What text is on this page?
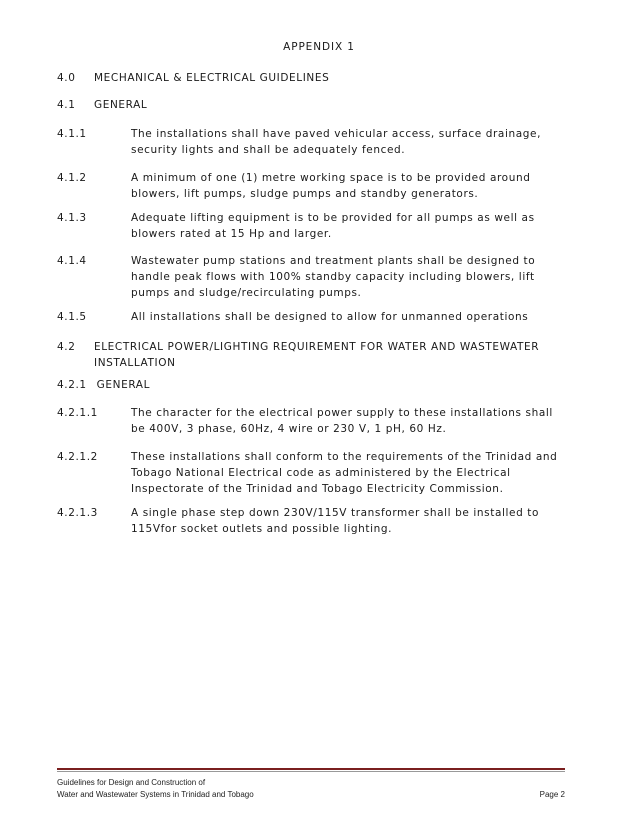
APPENDIX 1
4.0 MECHANICAL & ELECTRICAL GUIDELINES
4.1 GENERAL
4.1.1	The installations shall have paved vehicular access, surface drainage, security lights and shall be adequately fenced.
4.1.2	A minimum of one (1) metre working space is to be provided around blowers, lift pumps, sludge pumps and standby generators.
4.1.3	Adequate lifting equipment is to be provided for all pumps as well as blowers rated at 15 Hp and larger.
4.1.4	Wastewater pump stations and treatment plants shall be designed to handle peak flows with 100% standby capacity including blowers, lift pumps and sludge/recirculating pumps.
4.1.5	All installations shall be designed to allow for unmanned operations
4.2 ELECTRICAL POWER/LIGHTING REQUIREMENT FOR WATER AND WASTEWATER INSTALLATION
4.2.1 GENERAL
4.2.1.1	The character for the electrical power supply to these installations shall be 400V, 3 phase, 60Hz, 4 wire or 230 V, 1 pH, 60 Hz.
4.2.1.2	These installations shall conform to the requirements of the Trinidad and Tobago National Electrical code as administered by the Electrical Inspectorate of the Trinidad and Tobago Electricity Commission.
4.2.1.3	A single phase step down 230V/115V transformer shall be installed to 115Vfor socket outlets and possible lighting.
Guidelines for Design and Construction of
Water and Wastewater Systems in Trinidad and Tobago	Page 2
